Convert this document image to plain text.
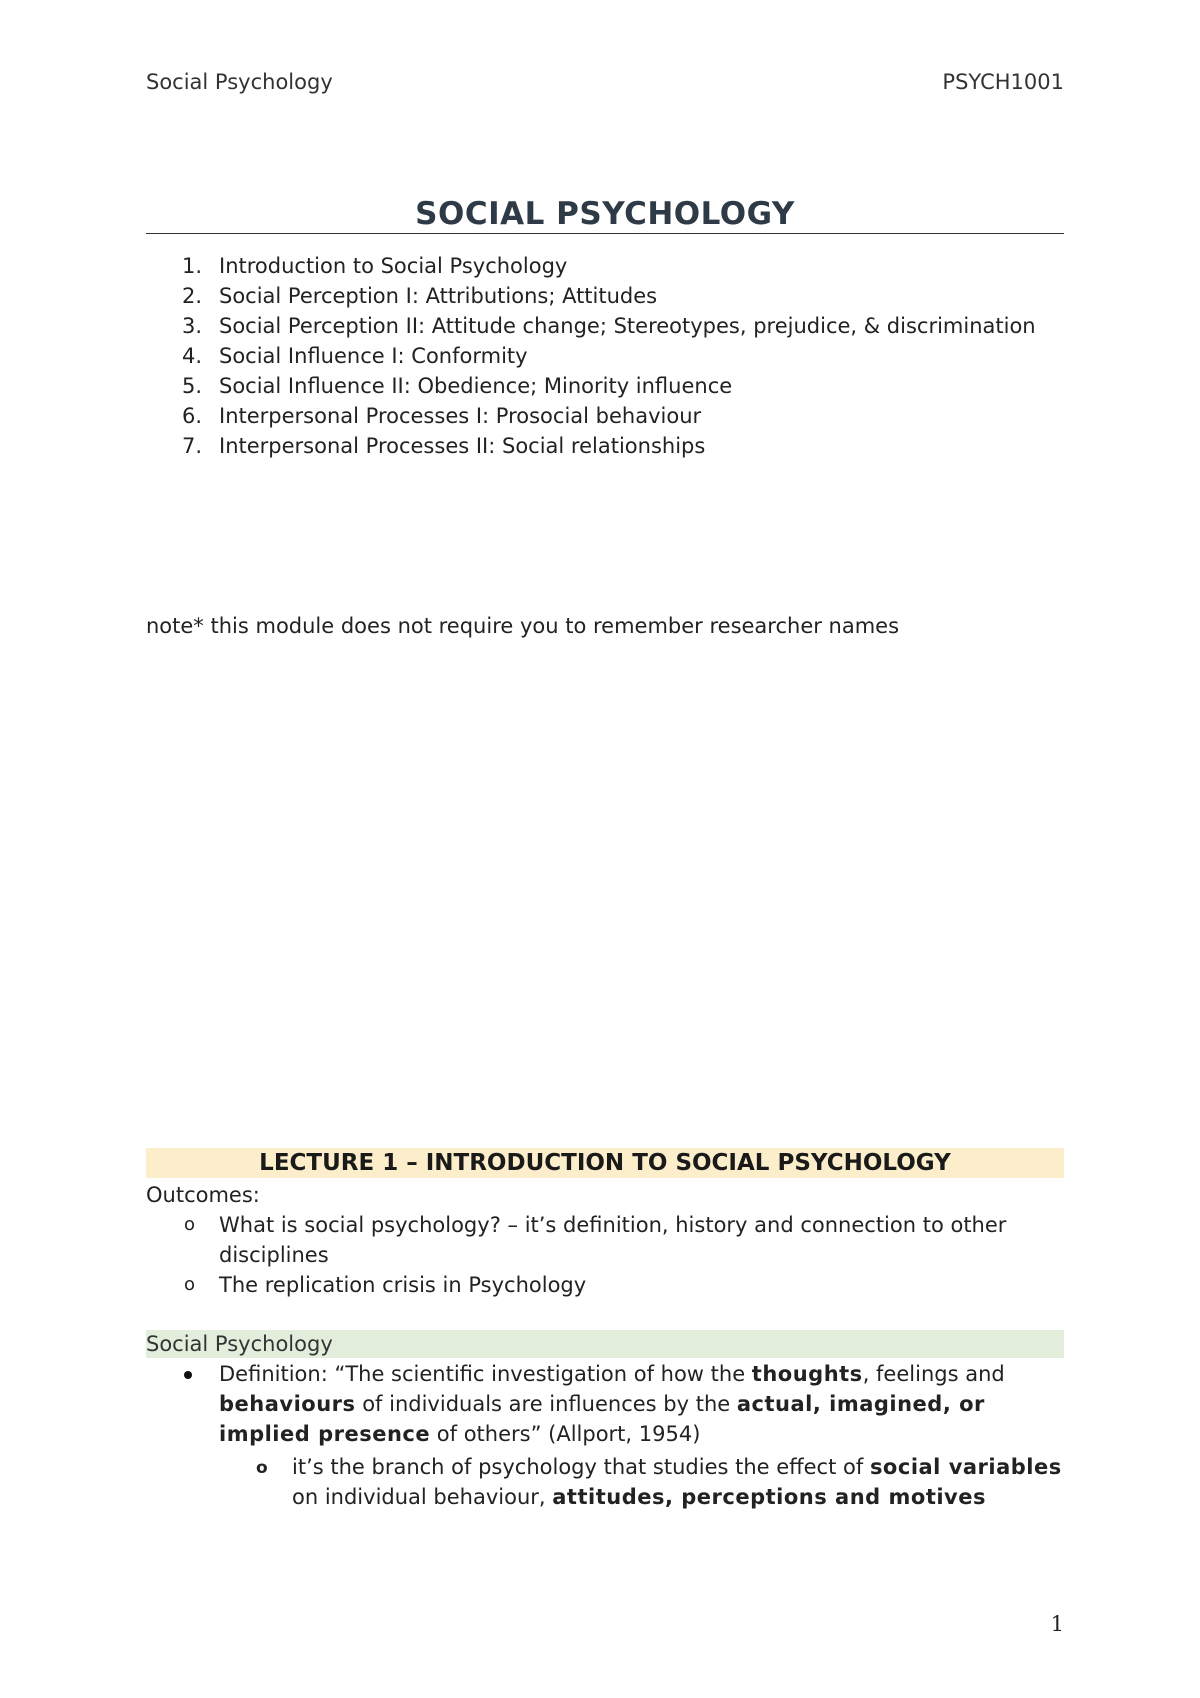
Social Psychology	PSYCH1001
SOCIAL PSYCHOLOGY
1. Introduction to Social Psychology
2. Social Perception I: Attributions; Attitudes
3. Social Perception II: Attitude change; Stereotypes, prejudice, & discrimination
4. Social Influence I: Conformity
5. Social Influence II: Obedience; Minority influence
6. Interpersonal Processes I: Prosocial behaviour
7. Interpersonal Processes II: Social relationships
note* this module does not require you to remember researcher names
LECTURE 1 – INTRODUCTION TO SOCIAL PSYCHOLOGY
Outcomes:
o What is social psychology? – it’s definition, history and connection to other disciplines
o The replication crisis in Psychology
Social Psychology
Definition: “The scientific investigation of how the thoughts, feelings and behaviours of individuals are influences by the actual, imagined, or implied presence of others” (Allport, 1954)
o	it’s the branch of psychology that studies the effect of social variables on individual behaviour, attitudes, perceptions and motives
1
